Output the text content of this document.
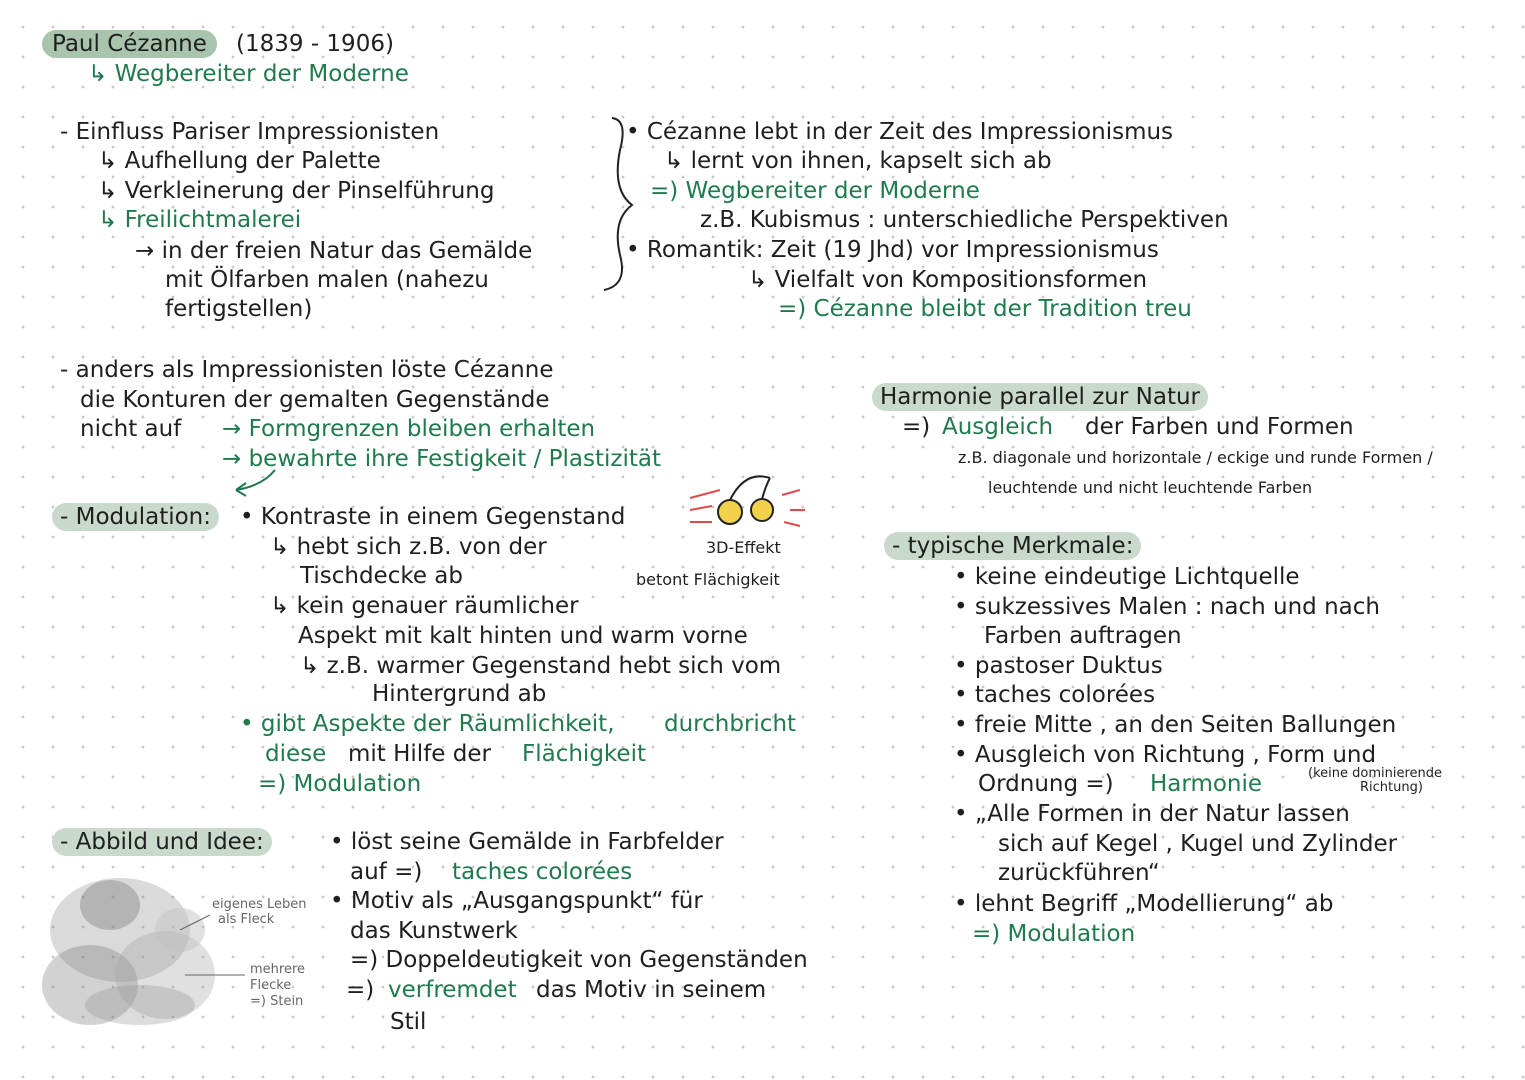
Paul Cézanne	(1839 - 1906)
↳ Wegbereiter der Moderne
- Einfluss Pariser Impressionisten
↳ Aufhellung der Palette
↳ Verkleinerung der Pinselführung
↳ Freilichtmalerei
→ in der freien Natur das Gemälde
mit Ölfarben malen (nahezu
fertigstellen)
• Cézanne lebt in der Zeit des Impressionismus
↳ lernt von ihnen, kapselt sich ab
=) Wegbereiter der Moderne
z.B. Kubismus : unterschiedliche Perspektiven
• Romantik: Zeit (19 Jhd) vor Impressionismus
↳ Vielfalt von Kompositionsformen
=) Cézanne bleibt der Tradition treu
- anders als Impressionisten löste Cézanne
die Konturen der gemalten Gegenstände
nicht auf → Formgrenzen bleiben erhalten
→ bewahrte ihre Festigkeit / Plastizität
- Modulation:	• Kontraste in einem Gegenstand
↳ hebt sich z.B. von der
Tischdecke ab
↳ kein genauer räumlicher
Aspekt mit kalt hinten und warm vorne
↳ z.B. warmer Gegenstand hebt sich vom
Hintergrund ab
• gibt Aspekte der Räumlichkeit, durchbricht
diese mit Hilfe der Flächigkeit
=) Modulation
3D-Effekt
betont Flächigkeit
- Abbild und Idee:	• löst seine Gemälde in Farbfelder
auf =) taches colorées
• Motiv als „Ausgangspunkt“ für
das Kunstwerk
=) Doppeldeutigkeit von Gegenständen
=) verfremdet das Motiv in seinem
Stil
eigenes Leben
als Fleck
mehrere
Flecke
=) Stein
Harmonie parallel zur Natur
=) Ausgleich der Farben und Formen
z.B. diagonale und horizontale / eckige und runde Formen /
leuchtende und nicht leuchtende Farben
- typische Merkmale:
• keine eindeutige Lichtquelle
• sukzessives Malen : nach und nach
Farben auftragen
• pastoser Duktus
• taches colorées
• freie Mitte , an den Seiten Ballungen
• Ausgleich von Richtung , Form und
Ordnung =) Harmonie	(keine dominierende
Richtung)
• „Alle Formen in der Natur lassen
sich auf Kegel , Kugel und Zylinder
zurückführen“
• lehnt Begriff „Modellierung“ ab
=) Modulation
